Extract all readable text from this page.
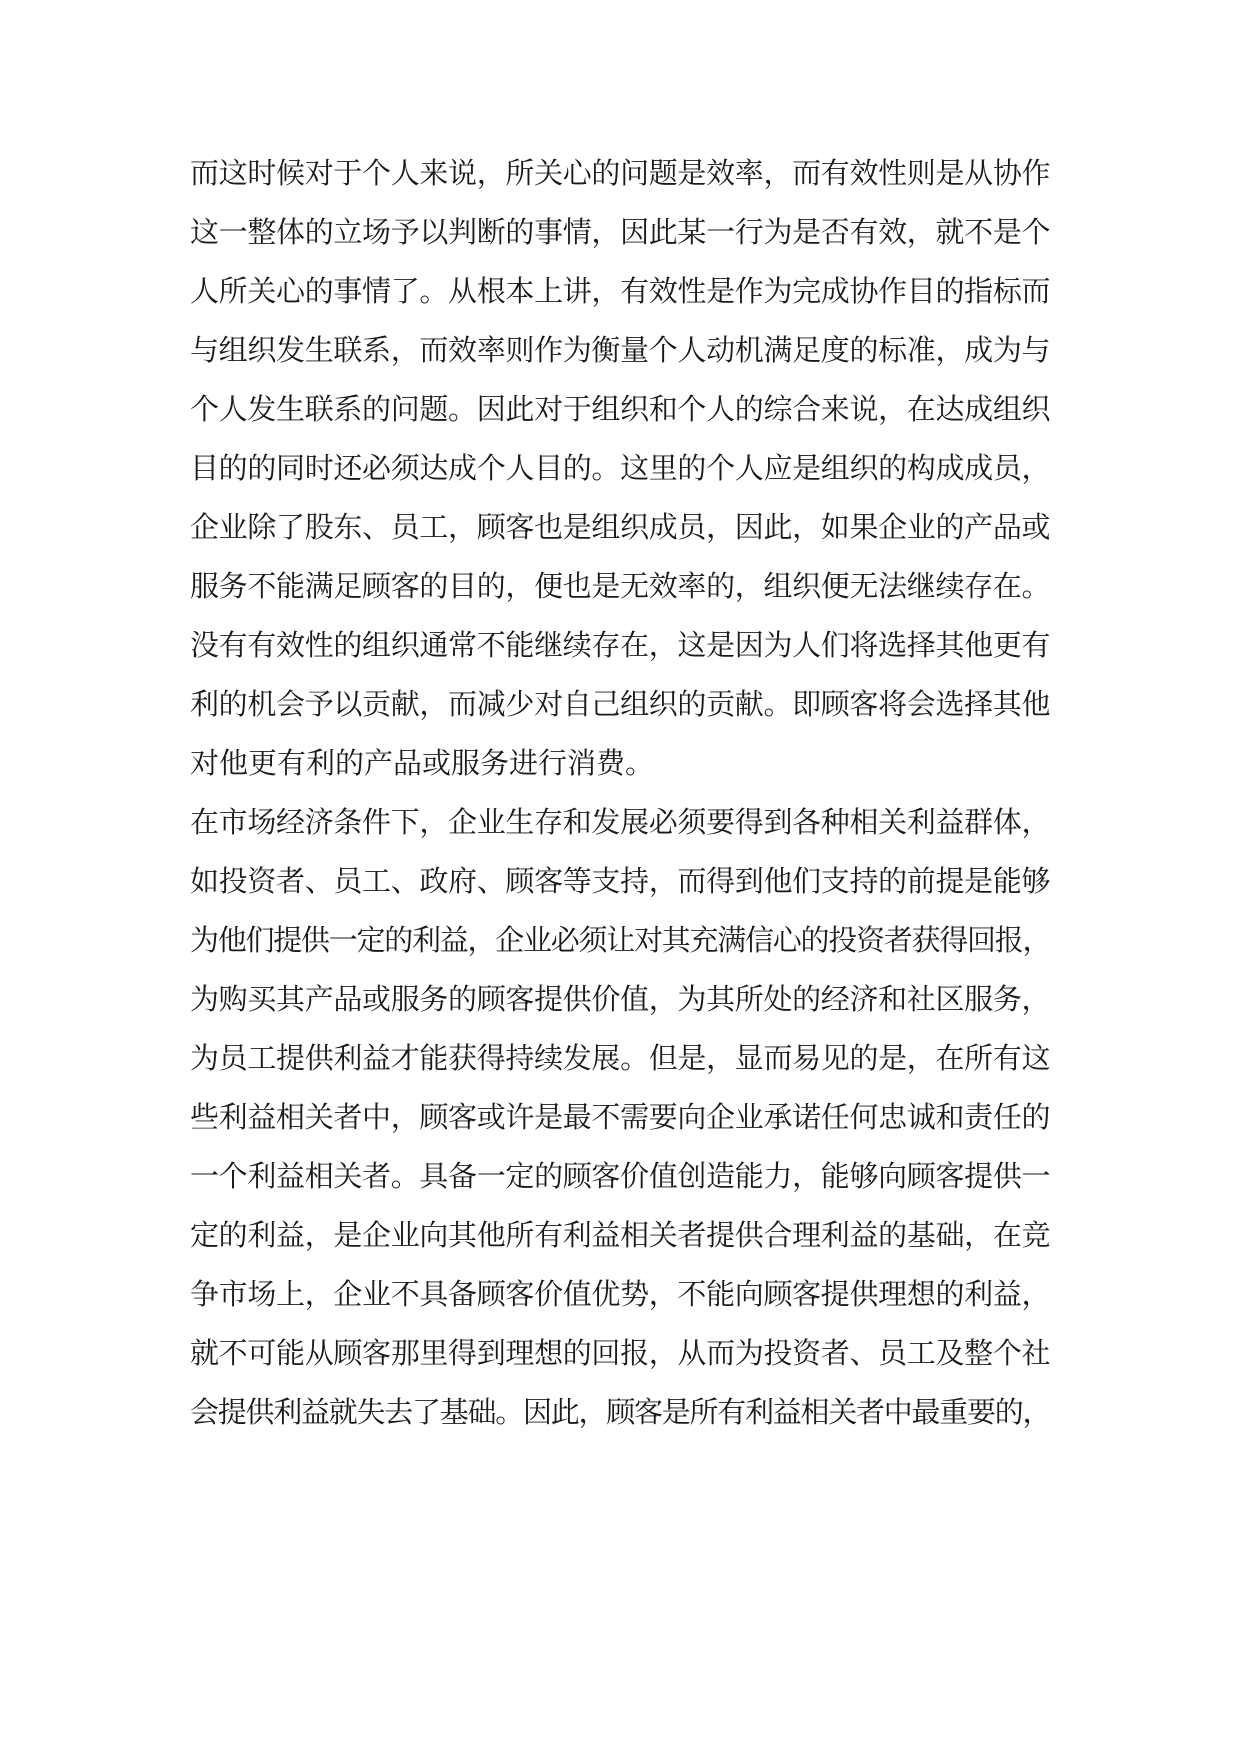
而这时候对于个人来说，所关心的问题是效率，而有效性则是从协作
这一整体的立场予以判断的事情，因此某一行为是否有效，就不是个
人所关心的事情了。从根本上讲，有效性是作为完成协作目的指标而
与组织发生联系，而效率则作为衡量个人动机满足度的标准，成为与
个人发生联系的问题。因此对于组织和个人的综合来说，在达成组织
目的的同时还必须达成个人目的。这里的个人应是组织的构成成员，
企业除了股东、员工，顾客也是组织成员，因此，如果企业的产品或
服务不能满足顾客的目的，便也是无效率的，组织便无法继续存在。
没有有效性的组织通常不能继续存在，这是因为人们将选择其他更有
利的机会予以贡献，而减少对自己组织的贡献。即顾客将会选择其他
对他更有利的产品或服务进行消费。
在市场经济条件下，企业生存和发展必须要得到各种相关利益群体，
如投资者、员工、政府、顾客等支持，而得到他们支持的前提是能够
为他们提供一定的利益，企业必须让对其充满信心的投资者获得回报，
为购买其产品或服务的顾客提供价值，为其所处的经济和社区服务，
为员工提供利益才能获得持续发展。但是，显而易见的是，在所有这
些利益相关者中，顾客或许是最不需要向企业承诺任何忠诚和责任的
一个利益相关者。具备一定的顾客价值创造能力，能够向顾客提供一
定的利益，是企业向其他所有利益相关者提供合理利益的基础，在竞
争市场上，企业不具备顾客价值优势，不能向顾客提供理想的利益，
就不可能从顾客那里得到理想的回报，从而为投资者、员工及整个社
会提供利益就失去了基础。因此，顾客是所有利益相关者中最重要的，
